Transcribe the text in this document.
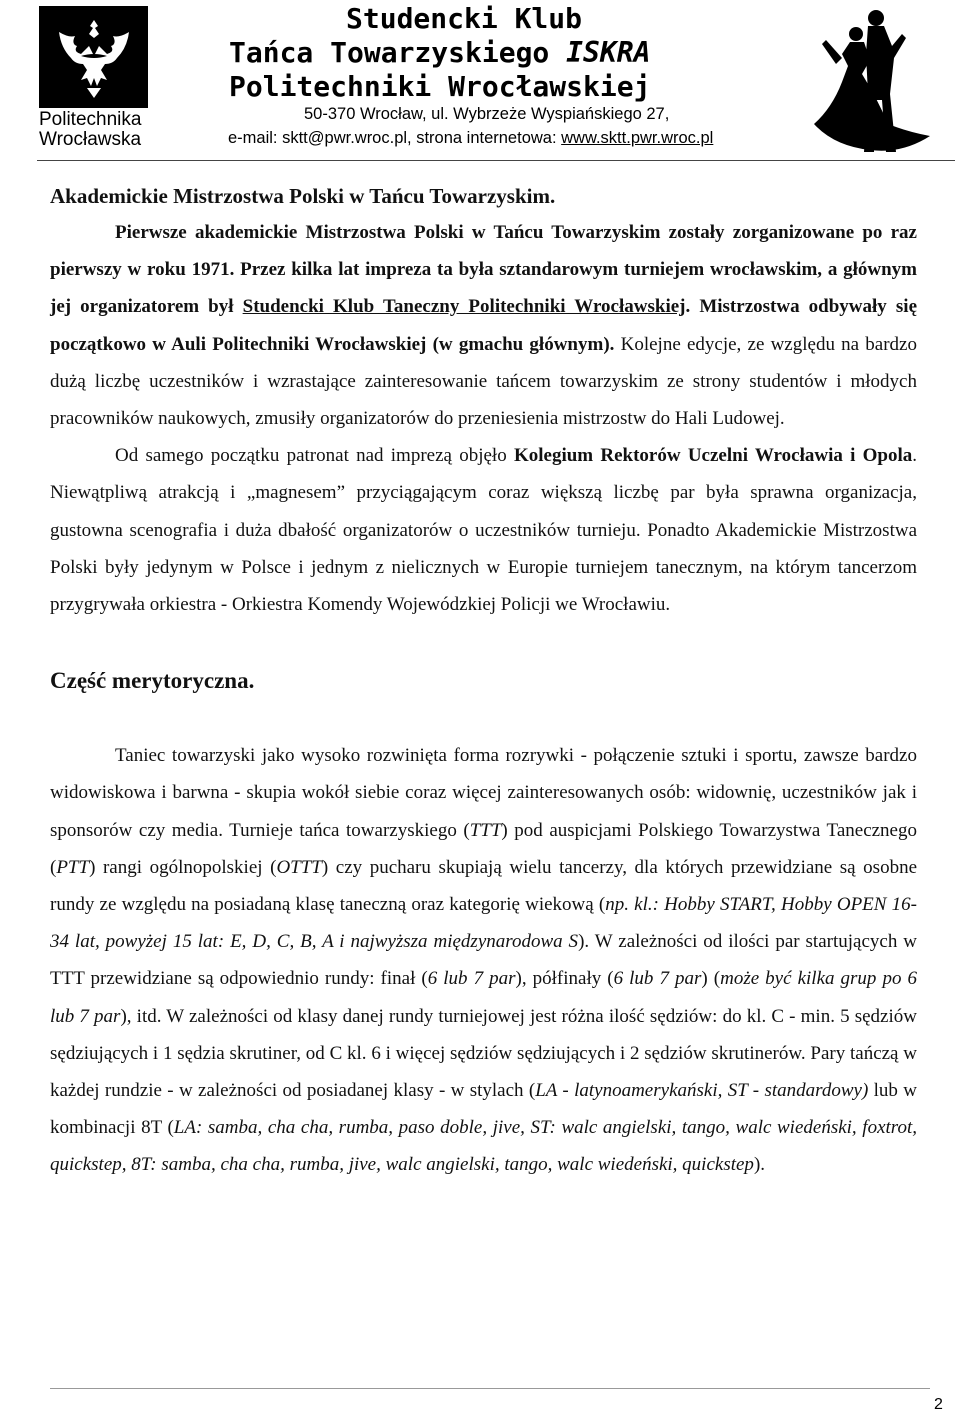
Politechnika
Wrocławska
Studencki Klub
Tańca Towarzyskiego ISKRA
Politechniki Wrocławskiej
50-370 Wrocław, ul. Wybrzeże Wyspiańskiego 27,
e-mail: sktt@pwr.wroc.pl, strona internetowa: www.sktt.pwr.wroc.pl
Akademickie Mistrzostwa Polski w Tańcu Towarzyskim.

Pierwsze akademickie Mistrzostwa Polski w Tańcu Towarzyskim zostały zorganizowane po raz pierwszy w roku 1971. Przez kilka lat impreza ta była sztandarowym turniejem wrocławskim, a głównym jej organizatorem był Studencki Klub Taneczny Politechniki Wrocławskiej. Mistrzostwa odbywały się początkowo w Auli Politechniki Wrocławskiej (w gmachu głównym). Kolejne edycje, ze względu na bardzo dużą liczbę uczestników i wzrastające zainteresowanie tańcem towarzyskim ze strony studentów i młodych pracowników naukowych, zmusiły organizatorów do przeniesienia mistrzostw do Hali Ludowej.

Od samego początku patronat nad imprezą objęło Kolegium Rektorów Uczelni Wrocławia i Opola. Niewątpliwą atrakcją i „magnesem” przyciągającym coraz większą liczbę par była sprawna organizacja, gustowna scenografia i duża dbałość organizatorów o uczestników turnieju. Ponadto Akademickie Mistrzostwa Polski były jedynym w Polsce i jednym z nielicznych w Europie turniejem tanecznym, na którym tancerzom przygrywała orkiestra - Orkiestra Komendy Wojewódzkiej Policji we Wrocławiu.

Część merytoryczna.

Taniec towarzyski jako wysoko rozwinięta forma rozrywki - połączenie sztuki i sportu, zawsze bardzo widowiskowa i barwna - skupia wokół siebie coraz więcej zainteresowanych osób: widownię, uczestników jak i sponsorów czy media. Turnieje tańca towarzyskiego (TTT) pod auspicjami Polskiego Towarzystwa Tanecznego (PTT) rangi ogólnopolskiej (OTTT) czy pucharu skupiają wielu tancerzy, dla których przewidziane są osobne rundy ze względu na posiadaną klasę taneczną oraz kategorię wiekową (np. kl.: Hobby START, Hobby OPEN 16-34 lat, powyżej 15 lat: E, D, C, B, A i najwyższa międzynarodowa S). W zależności od ilości par startujących w TTT przewidziane są odpowiednio rundy: finał (6 lub 7 par), półfinały (6 lub 7 par) (może być kilka grup po 6 lub 7 par), itd. W zależności od klasy danej rundy turniejowej jest różna ilość sędziów: do kl. C - min. 5 sędziów sędziujących i 1 sędzia skrutiner, od C kl. 6 i więcej sędziów sędziujących i 2 sędziów skrutinerów. Pary tańczą w każdej rundzie - w zależności od posiadanej klasy - w stylach (LA - latynoamerykański, ST - standardowy) lub w kombinacji 8T (LA: samba, cha cha, rumba, paso doble, jive, ST: walc angielski, tango, walc wiedeński, foxtrot, quickstep, 8T: samba, cha cha, rumba, jive, walc angielski, tango, walc wiedeński, quickstep).

2
